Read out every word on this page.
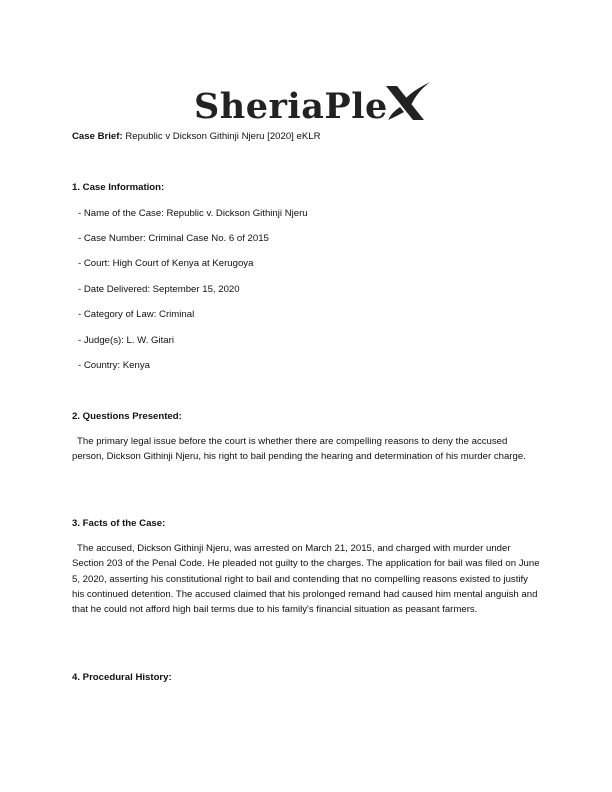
SheriaPle
Case Brief: Republic v Dickson Githinji Njeru [2020] eKLR
1. Case Information:
- Name of the Case: Republic v. Dickson Githinji Njeru
- Case Number: Criminal Case No. 6 of 2015
- Court: High Court of Kenya at Kerugoya
- Date Delivered: September 15, 2020
- Category of Law: Criminal
- Judge(s): L. W. Gitari
- Country: Kenya
2. Questions Presented:
The primary legal issue before the court is whether there are compelling reasons to deny the accused person, Dickson Githinji Njeru, his right to bail pending the hearing and determination of his murder charge.
3. Facts of the Case:
The accused, Dickson Githinji Njeru, was arrested on March 21, 2015, and charged with murder under Section 203 of the Penal Code. He pleaded not guilty to the charges. The application for bail was filed on June 5, 2020, asserting his constitutional right to bail and contending that no compelling reasons existed to justify his continued detention. The accused claimed that his prolonged remand had caused him mental anguish and that he could not afford high bail terms due to his family's financial situation as peasant farmers.
4. Procedural History:
